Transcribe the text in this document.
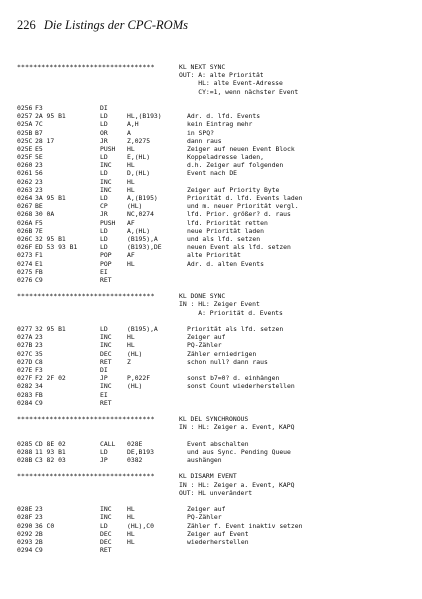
226 Die Listings der CPC-ROMs
**********************************	KL NEXT SYNC
OUT: A: alte Priorität
HL: alte Event-Adresse
CY:=1, wenn nächster Event
0256 F3	DI
0257 2A 95 B1	LD	HL,(B193)	Adr. d. lfd. Events
025A 7C	LD	A,H	kein Eintrag mehr
025B B7	OR	A	in SPQ?
025C 28 17	JR	Z,0275	dann raus
025E E5	PUSH HL	Zeiger auf neuen Event Block
025F 5E	LD	E,(HL)	Koppeladresse laden,
0260 23	INC HL	d.h. Zeiger auf folgenden
0261 56	LD	D,(HL)	Event nach DE
0262 23	INC HL
0263 23	INC HL	Zeiger auf Priority Byte
0264 3A 95 B1	LD	A,(B195)	Priorität d. lfd. Events laden
0267 BE	CP	(HL)	und m. neuer Priorität vergl.
0268 30 0A	JR	NC,0274	lfd. Prior. größer? d. raus
026A F5	PUSH AF	lfd. Priorität retten
026B 7E	LD	A,(HL)	neue Priorität laden
026C 32 95 B1	LD	(B195),A	und als lfd. setzen
026F ED 53 93 B1	LD	(B193),DE	neuen Event als lfd. setzen
0273 F1	POP AF	alte Priorität
0274 E1	POP HL	Adr. d. alten Events
0275 FB	EI
0276 C9	RET
**********************************	KL DONE SYNC
IN : HL: Zeiger Event
A: Priorität d. Events
0277 32 95 B1	LD	(B195),A	Priorität als lfd. setzen
027A 23	INC HL	Zeiger auf
027B 23	INC HL	PQ-Zähler
027C 35	DEC (HL)	Zähler erniedrigen
027D C8	RET Z	schon null? dann raus
027E F3	DI
027F F2 2F 02	JP	P,022F	sonst b7=0? d. einhängen
0282 34	INC (HL)	sonst Count wiederherstellen
0283 FB	EI
0284 C9	RET
**********************************	KL DEL SYNCHRONOUS
IN : HL: Zeiger a. Event, KAPQ
0285 CD 8E 02	CALL 028E	Event abschalten
0288 11 93 B1	LD	DE,B193	und aus Sync. Pending Queue
028B C3 82 03	JP	0382	aushängen
**********************************	KL DISARM EVENT
IN : HL: Zeiger a. Event, KAPQ
OUT: HL unverändert
028E 23	INC HL	Zeiger auf
028F 23	INC HL	PQ-Zähler
0290 36 C0	LD	(HL),C0	Zähler f. Event inaktiv setzen
0292 2B	DEC HL	Zeiger auf Event
0293 2B	DEC HL	wiederherstellen
0294 C9	RET
